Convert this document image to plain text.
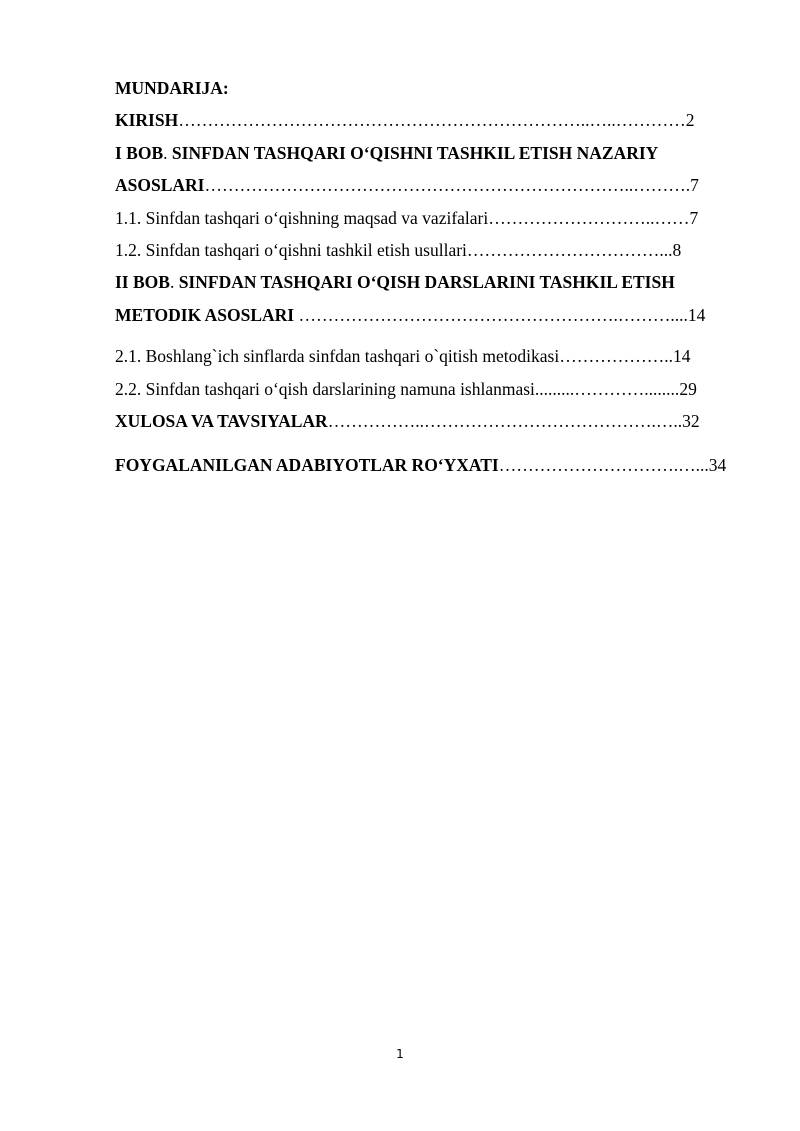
MUNDARIJA:
KIRISH……………………………………………………………..…..…………2
I BOB. SINFDAN TASHQARI O‘QISHNI TASHKIL ETISH NAZARIY
ASOSLARI………………………………………………………………..……….7
1.1. Sinfdan tashqari o‘qishning maqsad va vazifalari………………………..……7
1.2. Sinfdan tashqari o‘qishni tashkil etish usullari……………………………...8
II BOB. SINFDAN TASHQARI O‘QISH DARSLARINI TASHKIL ETISH
METODIK ASOSLARI ……………………………………………….………....14
2.1. Boshlang`ich sinflarda sinfdan tashqari o`qitish metodikasi………………..14
2.2. Sinfdan tashqari o‘qish darslarining namuna ishlanmasi.........…………........29
XULOSA VA TAVSIYALAR……………..………………………………….…..32
FOYGALANILGAN ADABIYOTLAR RO‘YXATI………………………….…...34
1
